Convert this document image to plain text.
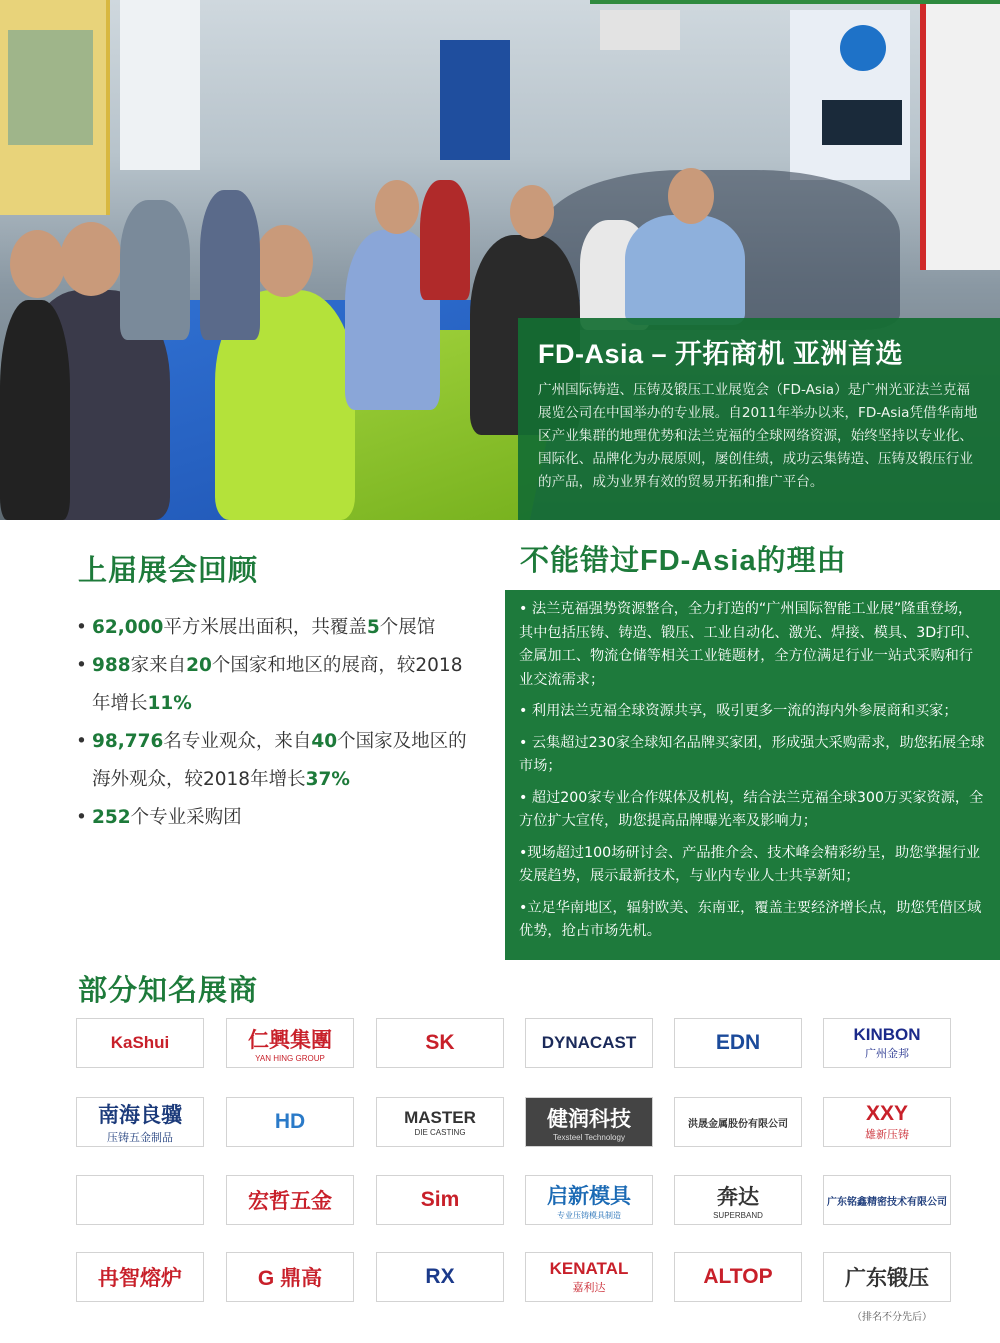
FD-Asia – 开拓商机 亚洲首选
广州国际铸造、压铸及锻压工业展览会（FD-Asia）是广州光亚法兰克福展览公司在中国举办的专业展。自2011年举办以来，FD-Asia凭借华南地区产业集群的地理优势和法兰克福的全球网络资源，始终坚持以专业化、国际化、品牌化为办展原则，屡创佳绩，成功云集铸造、压铸及锻压行业的产品，成为业界有效的贸易开拓和推广平台。
上届展会回顾
• 62,000平方米展出面积，共覆盖5个展馆
• 988家来自20个国家和地区的展商，较2018年增长11%
• 98,776名专业观众，来自40个国家及地区的海外观众，较2018年增长37%
• 252个专业采购团
不能错过FD-Asia的理由

• 法兰克福强势资源整合，全力打造的“广州国际智能工业展”隆重登场，其中包括压铸、铸造、锻压、工业自动化、激光、焊接、模具、3D打印、金属加工、物流仓储等相关工业链题材，全方位满足行业一站式采购和行业交流需求；

• 利用法兰克福全球资源共享，吸引更多一流的海内外参展商和买家；

• 云集超过230家全球知名品牌买家团，形成强大采购需求，助您拓展全球市场；

• 超过200家专业合作媒体及机构，结合法兰克福全球300万买家资源，全方位扩大宣传，助您提高品牌曝光率及影响力；

•现场超过100场研讨会、产品推介会、技术峰会精彩纷呈，助您掌握行业发展趋势，展示最新技术，与业内专业人士共享新知；

•立足华南地区，辐射欧美、东南亚，覆盖主要经济增长点，助您凭借区域优势，抢占市场先机。

部分知名展商
KaShui	仁興集團
YAN HING GROUP
SK	DYNACAST	EDN	KINBON
广州金邦
南海良骥
压铸五金制品
HD	MASTER
DIE CASTING
健润科技
Texsteel Technology
洪晟金属股份有限公司	XXY
雄新压铸
宏哲五金	Sim	启新模具
专业压铸模具制造
奔达
SUPERBAND
广东铭鑫精密技术有限公司
冉智熔炉	G 鼎高	RX	KENATAL
嘉利达	ALTOP	广东锻压
（排名不分先后）
